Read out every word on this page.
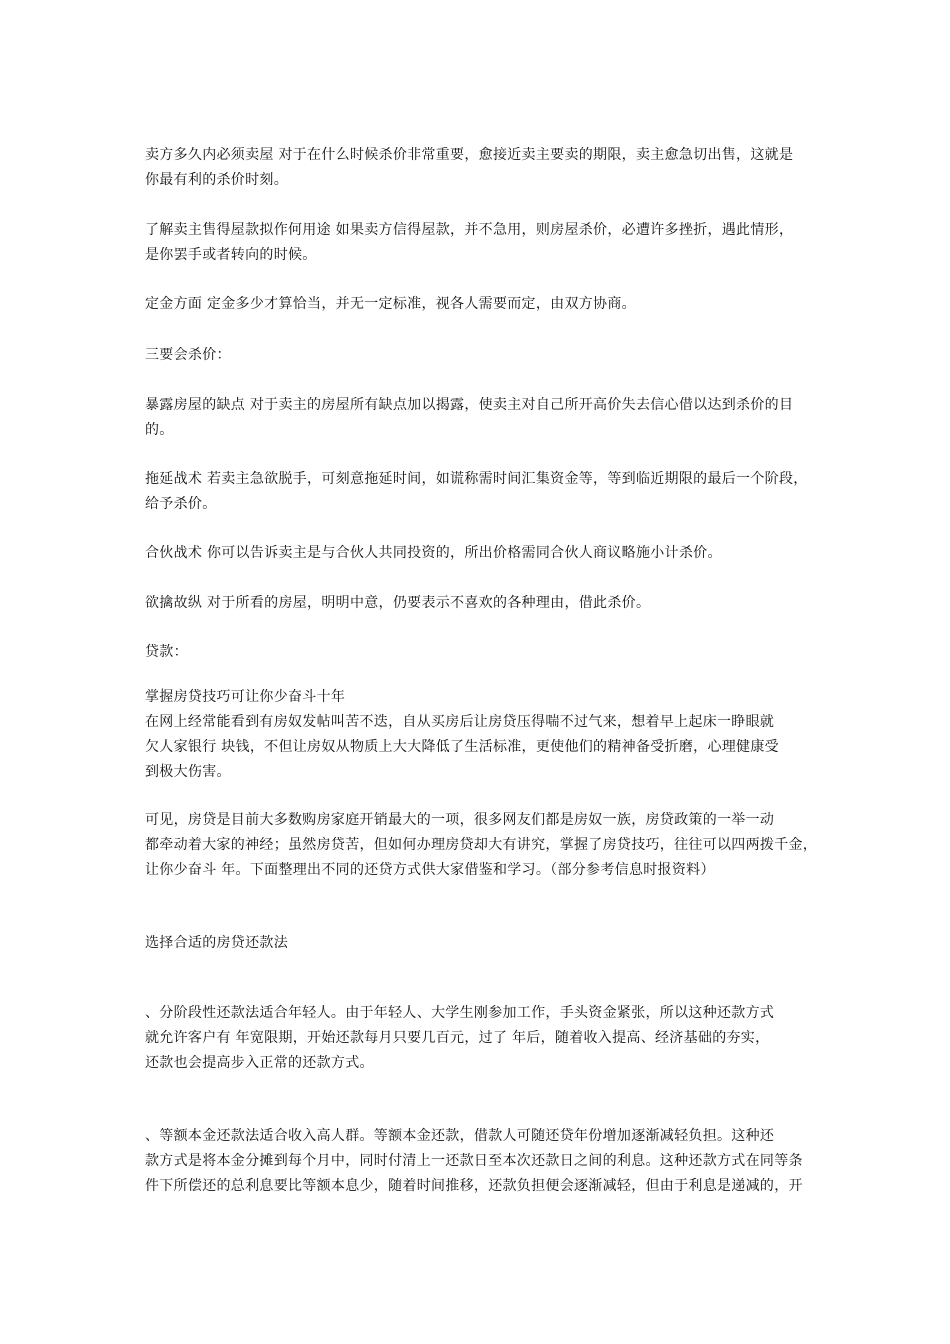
卖方多久内必须卖屋 对于在什么时候杀价非常重要，愈接近卖主要卖的期限，卖主愈急切出售，这就是
你最有利的杀价时刻。
了解卖主售得屋款拟作何用途 如果卖方信得屋款，并不急用，则房屋杀价，必遭许多挫折，遇此情形，
是你罢手或者转向的时候。
定金方面 定金多少才算恰当，并无一定标准，视各人需要而定，由双方协商。
三要会杀价：
暴露房屋的缺点 对于卖主的房屋所有缺点加以揭露，使卖主对自己所开高价失去信心借以达到杀价的目
的。
拖延战术 若卖主急欲脱手，可刻意拖延时间，如谎称需时间汇集资金等，等到临近期限的最后一个阶段，
给予杀价。
合伙战术 你可以告诉卖主是与合伙人共同投资的，所出价格需同合伙人商议略施小计杀价。
欲擒故纵 对于所看的房屋，明明中意，仍要表示不喜欢的各种理由，借此杀价。
贷款：
掌握房贷技巧可让你少奋斗十年
在网上经常能看到有房奴发帖叫苦不迭，自从买房后让房贷压得喘不过气来，想着早上起床一睁眼就
欠人家银行 块钱，不但让房奴从物质上大大降低了生活标准，更使他们的精神备受折磨，心理健康受
到极大伤害。
可见，房贷是目前大多数购房家庭开销最大的一项，很多网友们都是房奴一族，房贷政策的一举一动
都牵动着大家的神经；虽然房贷苦，但如何办理房贷却大有讲究，掌握了房贷技巧，往往可以四两拨千金，
让你少奋斗 年。下面整理出不同的还贷方式供大家借鉴和学习。（部分参考信息时报资料）
选择合适的房贷还款法
、分阶段性还款法适合年轻人。由于年轻人、大学生刚参加工作，手头资金紧张，所以这种还款方式
就允许客户有 年宽限期，开始还款每月只要几百元，过了 年后，随着收入提高、经济基础的夯实，
还款也会提高步入正常的还款方式。
、等额本金还款法适合收入高人群。等额本金还款，借款人可随还贷年份增加逐渐减轻负担。这种还
款方式是将本金分摊到每个月中，同时付清上一还款日至本次还款日之间的利息。这种还款方式在同等条
件下所偿还的总利息要比等额本息少，随着时间推移，还款负担便会逐渐减轻，但由于利息是递减的，开
